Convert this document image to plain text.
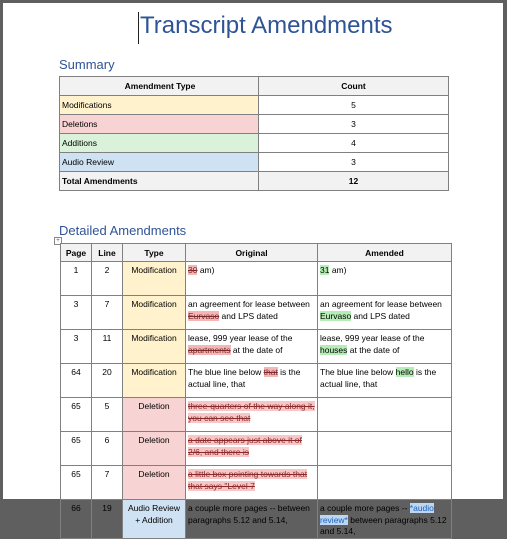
Transcript Amendments
Summary
Amendment Type	Count
Modifications	5
Deletions	3
Additions	4
Audio Review	3
Total Amendments	12
Detailed Amendments
+
Page	Line	Type	Original	Amended
1	2	Modification	30 am)	31 am)
3	7	Modification	an agreement for lease between Eurvaso and LPS dated	an agreement for lease between Eurvaso and LPS dated
3	11	Modification	lease, 999 year lease of the apartments at the date of	lease, 999 year lease of the houses at the date of
64	20	Modification	The blue line below that is the actual line, that	The blue line below hello is the actual line, that
65	5	Deletion	three-quarters of the way along it, you can see that	
65	6	Deletion	a date appears just above it of 2/6, and there is	
65	7	Deletion	a little box pointing towards that that says "Level 7	
66	19	Audio Review + Addition	a couple more pages -- between paragraphs 5.12 and 5.14,	a couple more pages -- *audio review* between paragraphs 5.12 and 5.14,
